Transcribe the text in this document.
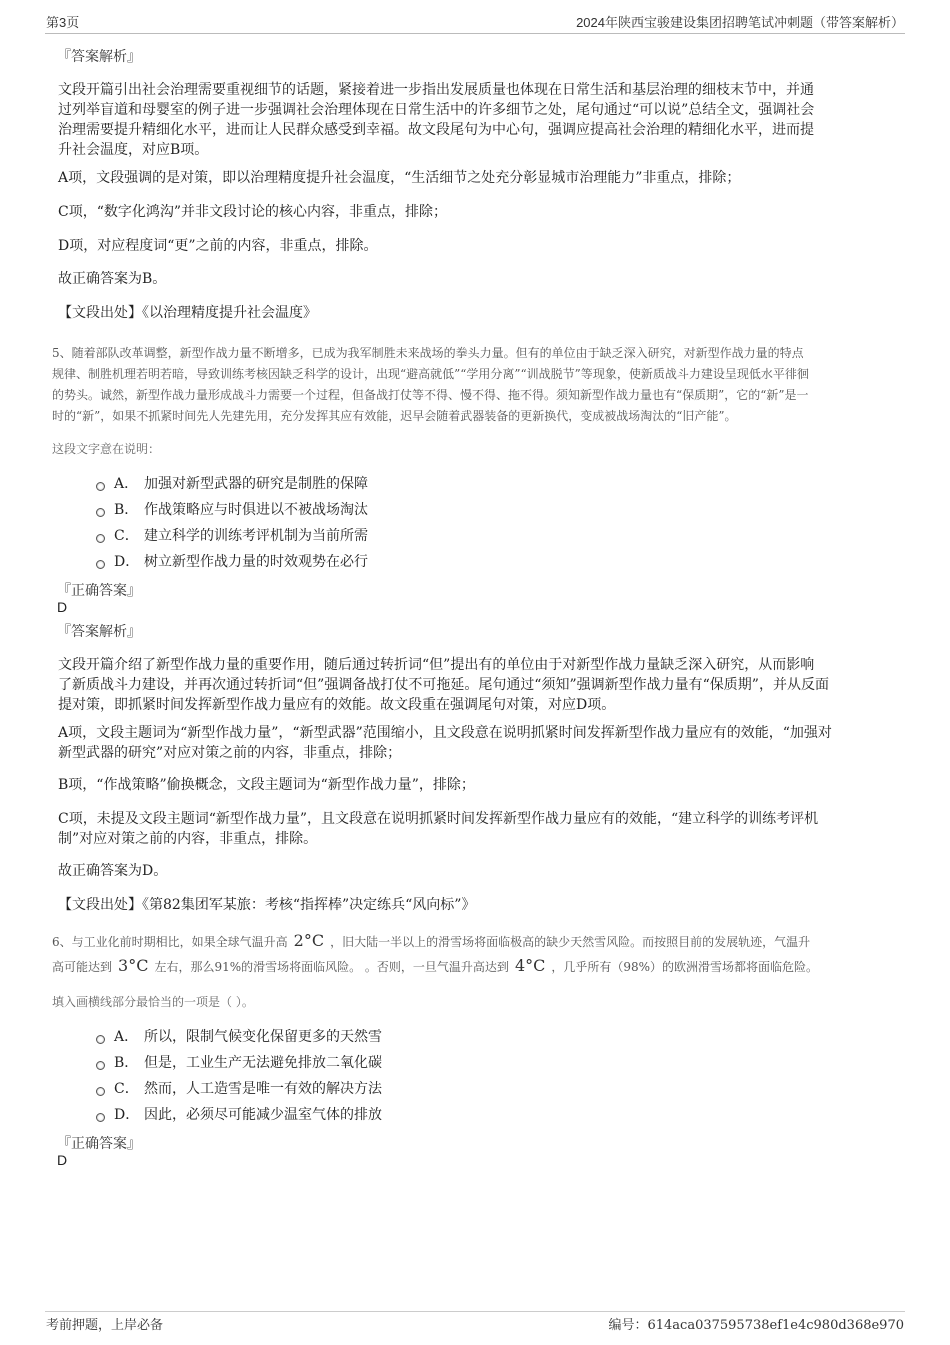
第3页	2024年陕西宝骏建设集团招聘笔试冲刺题（带答案解析）
『答案解析』
文段开篇引出社会治理需要重视细节的话题，紧接着进一步指出发展质量也体现在日常生活和基层治理的细枝末节中，并通
过列举盲道和母婴室的例子进一步强调社会治理体现在日常生活中的许多细节之处，尾句通过“可以说”总结全文，强调社会
治理需要提升精细化水平，进而让人民群众感受到幸福。故文段尾句为中心句，强调应提高社会治理的精细化水平，进而提
升社会温度，对应B项。
A项，文段强调的是对策，即以治理精度提升社会温度，“生活细节之处充分彰显城市治理能力”非重点，排除；
C项，“数字化鸿沟”并非文段讨论的核心内容，非重点，排除；
D项，对应程度词“更”之前的内容，非重点，排除。
故正确答案为B。
【文段出处】《以治理精度提升社会温度》
5、随着部队改革调整，新型作战力量不断增多，已成为我军制胜未来战场的拳头力量。但有的单位由于缺乏深入研究，对新型作战力量的特点
规律、制胜机理若明若暗，导致训练考核因缺乏科学的设计，出现“避高就低”“学用分离”“训战脱节”等现象，使新质战斗力建设呈现低水平徘徊
的势头。诚然，新型作战力量形成战斗力需要一个过程，但备战打仗等不得、慢不得、拖不得。须知新型作战力量也有“保质期”，它的“新”是一
时的“新”，如果不抓紧时间先人先建先用，充分发挥其应有效能，迟早会随着武器装备的更新换代，变成被战场淘汰的“旧产能”。
这段文字意在说明：
A． 加强对新型武器的研究是制胜的保障
B． 作战策略应与时俱进以不被战场淘汰
C． 建立科学的训练考评机制为当前所需
D． 树立新型作战力量的时效观势在必行
『正确答案』
D
『答案解析』
文段开篇介绍了新型作战力量的重要作用，随后通过转折词“但”提出有的单位由于对新型作战力量缺乏深入研究，从而影响
了新质战斗力建设，并再次通过转折词“但”强调备战打仗不可拖延。尾句通过“须知”强调新型作战力量有“保质期”，并从反面
提对策，即抓紧时间发挥新型作战力量应有的效能。故文段重在强调尾句对策，对应D项。
A项，文段主题词为“新型作战力量”，“新型武器”范围缩小，且文段意在说明抓紧时间发挥新型作战力量应有的效能，“加强对
新型武器的研究”对应对策之前的内容，非重点，排除；
B项，“作战策略”偷换概念，文段主题词为“新型作战力量”，排除；
C项，未提及文段主题词“新型作战力量”，且文段意在说明抓紧时间发挥新型作战力量应有的效能，“建立科学的训练考评机
制”对应对策之前的内容，非重点，排除。
故正确答案为D。
【文段出处】《第82集团军某旅：考核“指挥棒”决定练兵“风向标”》
6、与工业化前时期相比，如果全球气温升高 2°C ，旧大陆一半以上的滑雪场将面临极高的缺少天然雪风险。而按照目前的发展轨迹，气温升
高可能达到 3°C 左右，那么91%的滑雪场将面临风险。 。否则，一旦气温升高达到 4°C ，几乎所有（98%）的欧洲滑雪场都将面临危险。
填入画横线部分最恰当的一项是（ ）。
A． 所以，限制气候变化保留更多的天然雪
B． 但是，工业生产无法避免排放二氧化碳
C． 然而，人工造雪是唯一有效的解决方法
D． 因此，必须尽可能减少温室气体的排放
『正确答案』
D
考前押题，上岸必备	编号：614aca037595738ef1e4c980d368e970
